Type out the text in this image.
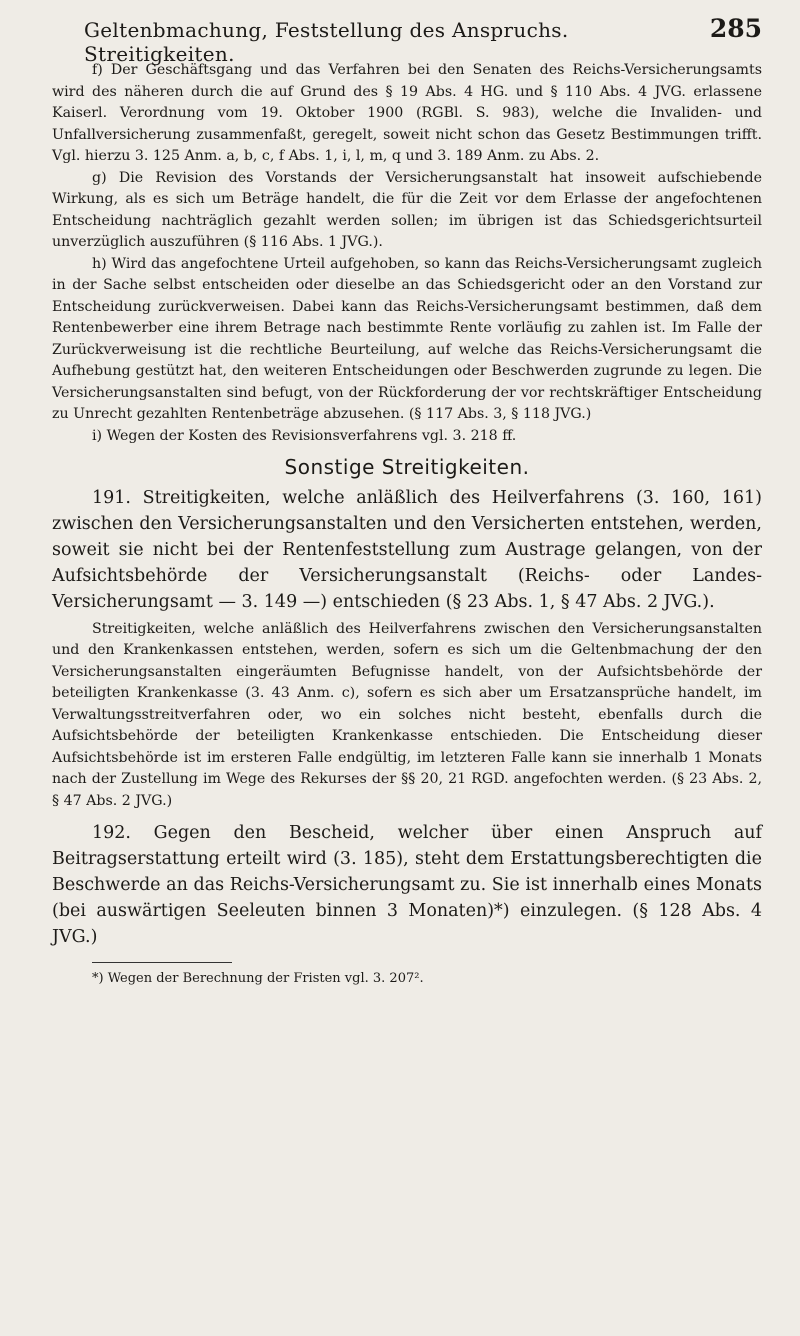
Geltenbmachung, Feststellung des Anspruchs. Streitigkeiten.
285

f) Der Geschäftsgang und das Verfahren bei den Senaten des Reichs-Versicherungsamts wird des näheren durch die auf Grund des § 19 Abs. 4 HG. und § 110 Abs. 4 JVG. erlassene Kaiserl. Verordnung vom 19. Oktober 1900 (RGBl. S. 983), welche die Invaliden- und Unfallversicherung zusammenfaßt, geregelt, soweit nicht schon das Gesetz Bestimmungen trifft. Vgl. hierzu 3. 125 Anm. a, b, c, f Abs. 1, i, l, m, q und 3. 189 Anm. zu Abs. 2.

g) Die Revision des Vorstands der Versicherungsanstalt hat insoweit aufschiebende Wirkung, als es sich um Beträge handelt, die für die Zeit vor dem Erlasse der angefochtenen Entscheidung nachträglich gezahlt werden sollen; im übrigen ist das Schiedsgerichtsurteil unverzüglich auszuführen (§ 116 Abs. 1 JVG.).

h) Wird das angefochtene Urteil aufgehoben, so kann das Reichs-Versicherungsamt zugleich in der Sache selbst entscheiden oder dieselbe an das Schiedsgericht oder an den Vorstand zur Entscheidung zurückverweisen. Dabei kann das Reichs-Versicherungsamt bestimmen, daß dem Rentenbewerber eine ihrem Betrage nach bestimmte Rente vorläufig zu zahlen ist. Im Falle der Zurückverweisung ist die rechtliche Beurteilung, auf welche das Reichs-Versicherungsamt die Aufhebung gestützt hat, den weiteren Entscheidungen oder Beschwerden zugrunde zu legen. Die Versicherungsanstalten sind befugt, von der Rückforderung der vor rechtskräftiger Entscheidung zu Unrecht gezahlten Rentenbeträge abzusehen. (§ 117 Abs. 3, § 118 JVG.)

i) Wegen der Kosten des Revisionsverfahrens vgl. 3. 218 ff.

Sonstige Streitigkeiten.

191. Streitigkeiten, welche anläßlich des Heilverfahrens (3. 160, 161) zwischen den Versicherungsanstalten und den Versicherten entstehen, werden, soweit sie nicht bei der Rentenfeststellung zum Austrage gelangen, von der Aufsichtsbehörde der Versicherungsanstalt (Reichs- oder Landes-Versicherungsamt — 3. 149 —) entschieden (§ 23 Abs. 1, § 47 Abs. 2 JVG.).

Streitigkeiten, welche anläßlich des Heilverfahrens zwischen den Versicherungsanstalten und den Krankenkassen entstehen, werden, sofern es sich um die Geltenbmachung der den Versicherungsanstalten eingeräumten Befugnisse handelt, von der Aufsichtsbehörde der beteiligten Krankenkasse (3. 43 Anm. c), sofern es sich aber um Ersatzansprüche handelt, im Verwaltungsstreitverfahren oder, wo ein solches nicht besteht, ebenfalls durch die Aufsichtsbehörde der beteiligten Krankenkasse entschieden. Die Entscheidung dieser Aufsichtsbehörde ist im ersteren Falle endgültig, im letzteren Falle kann sie innerhalb 1 Monats nach der Zustellung im Wege des Rekurses der §§ 20, 21 RGD. angefochten werden. (§ 23 Abs. 2, § 47 Abs. 2 JVG.)

192. Gegen den Bescheid, welcher über einen Anspruch auf Beitragserstattung erteilt wird (3. 185), steht dem Erstattungsberechtigten die Beschwerde an das Reichs-Versicherungsamt zu. Sie ist innerhalb eines Monats (bei auswärtigen Seeleuten binnen 3 Monaten)*) einzulegen. (§ 128 Abs. 4 JVG.)

*) Wegen der Berechnung der Fristen vgl. 3. 207².
